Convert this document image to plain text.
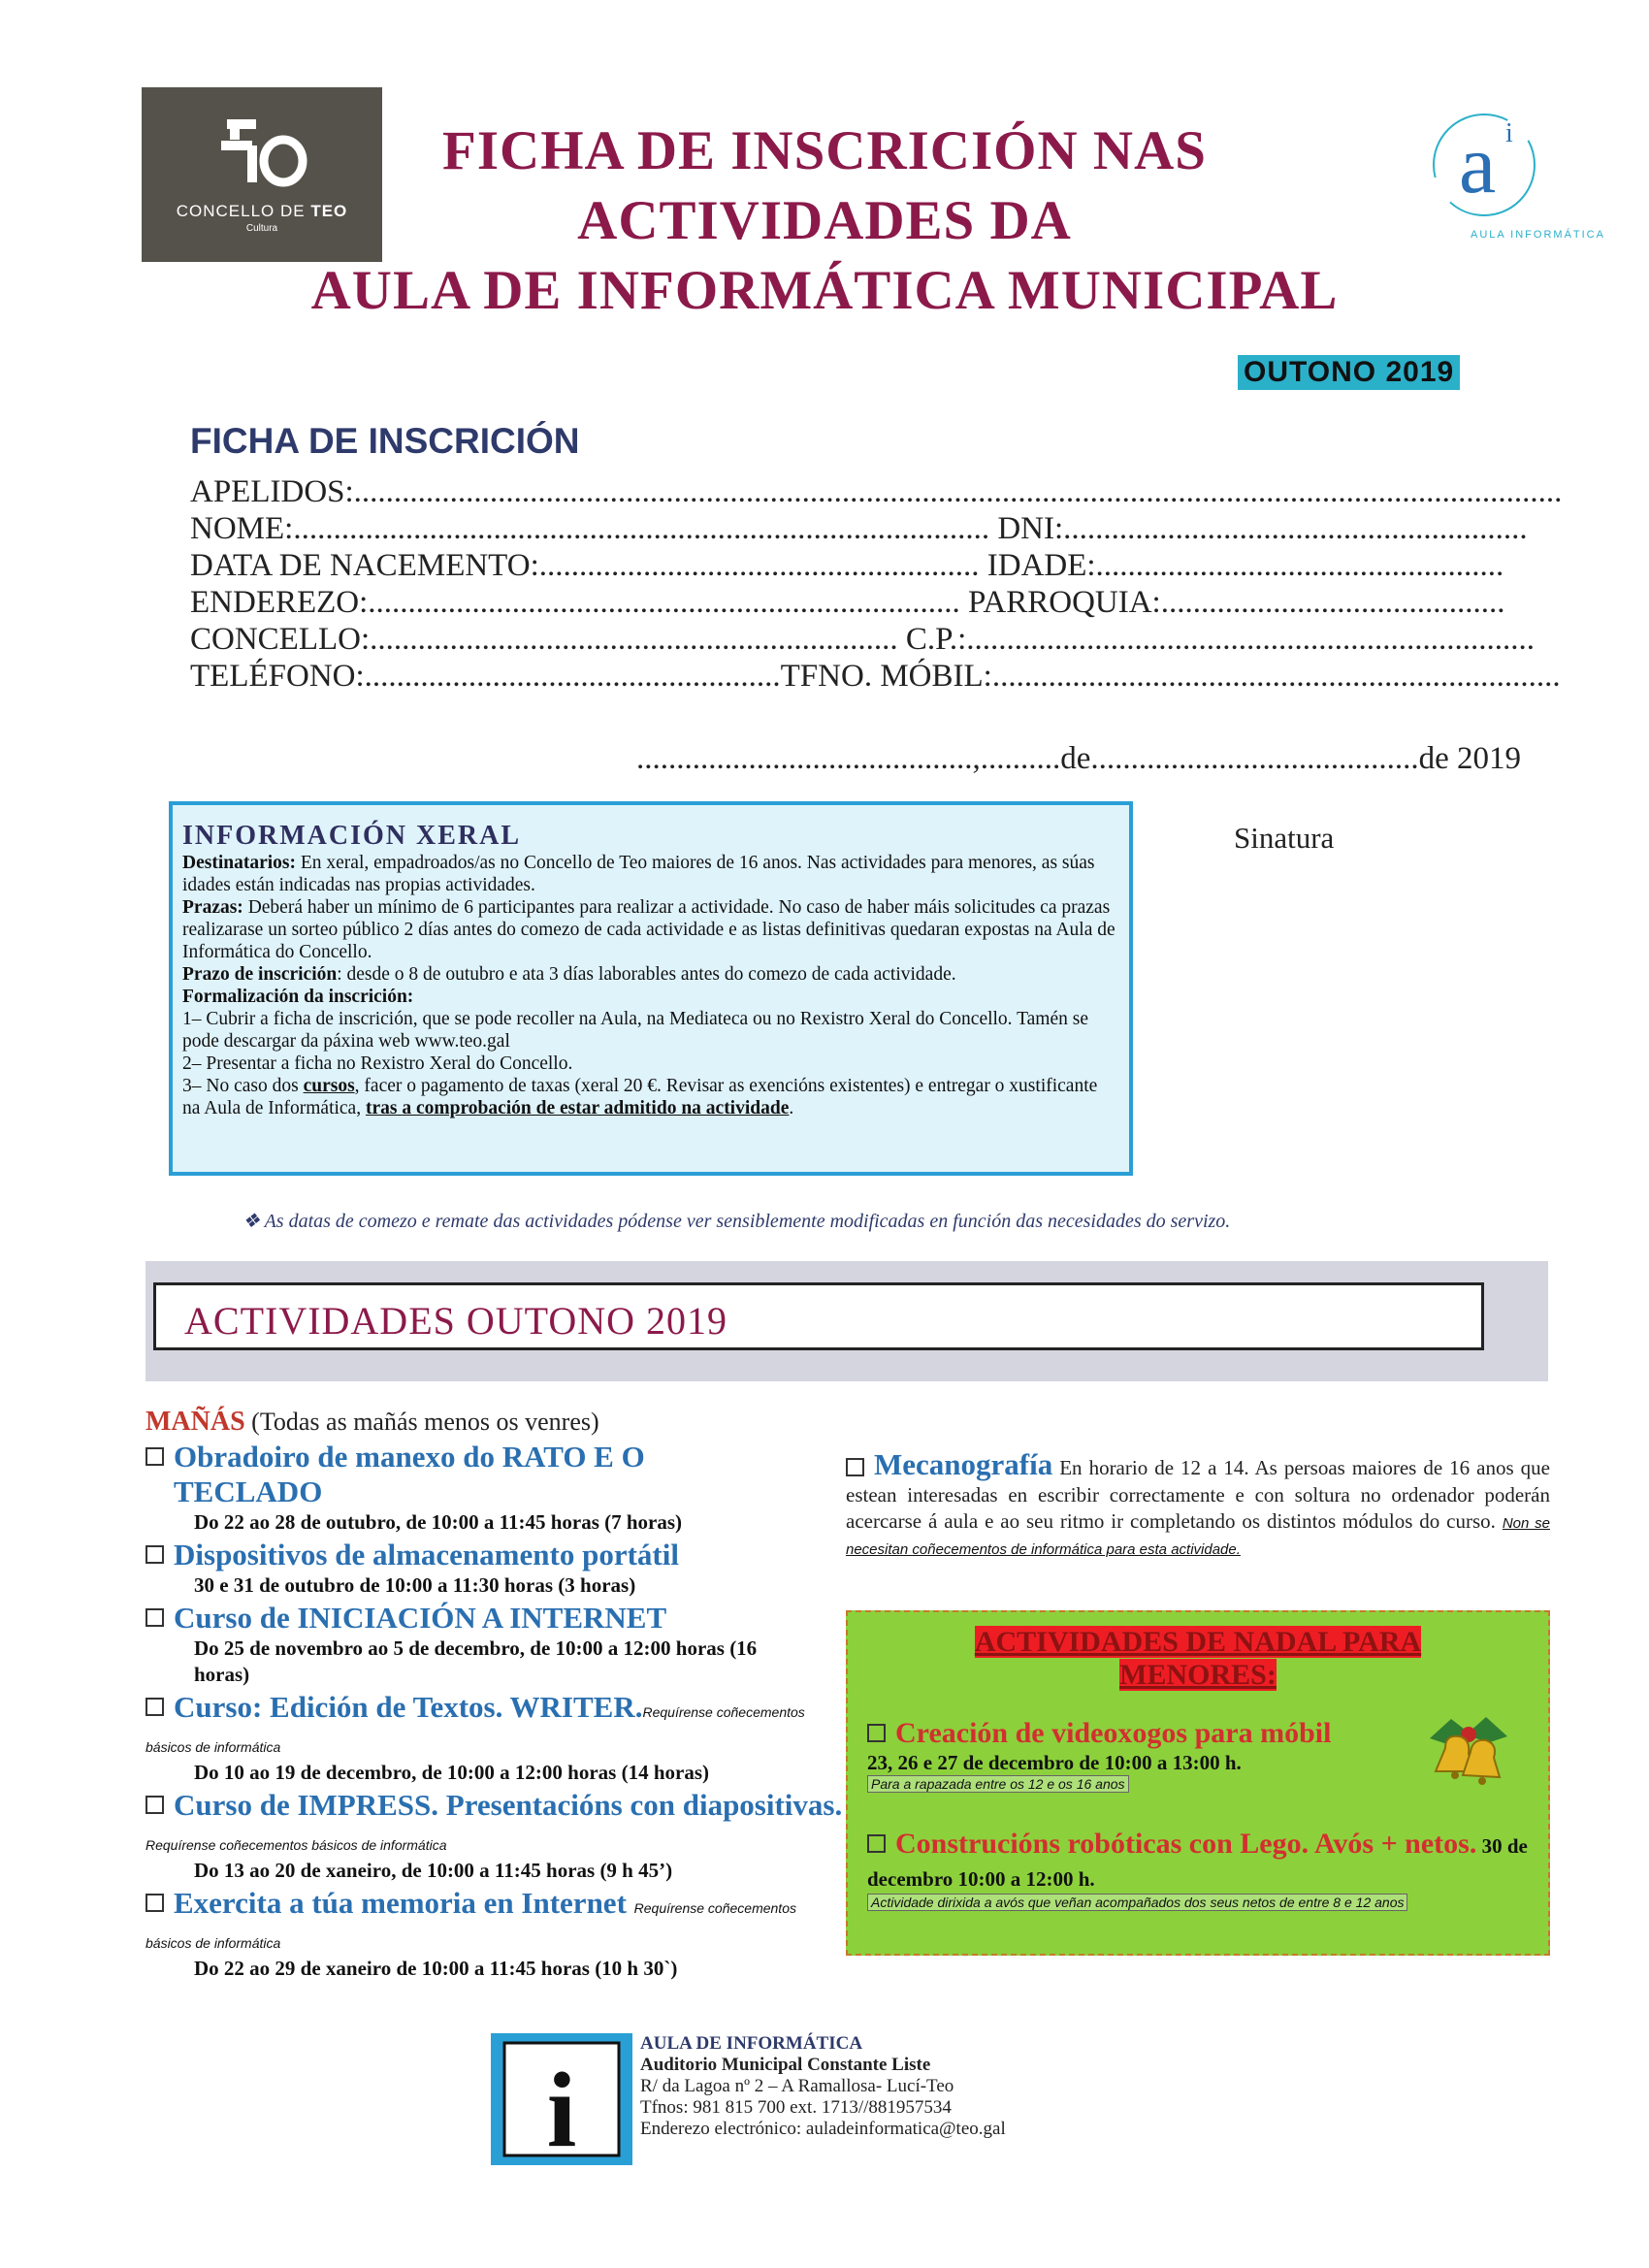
CONCELLO DE TEO
Cultura
FICHA DE INSCRICIÓN NAS
ACTIVIDADES DA
AULA DE INFORMÁTICA MUNICIPAL
a i
AULA INFORMÁTICA
OUTONO 2019
FICHA DE INSCRICIÓN
APELIDOS:.......................................................................................................................................................
NOME:....................................................................................... DNI:..........................................................
DATA DE NACEMENTO:....................................................... IDADE:...................................................
ENDEREZO:.......................................................................... PARROQUIA:...........................................
CONCELLO:.................................................................. C.P.:.......................................................................
TELÉFONO:....................................................TFNO. MÓBIL:.......................................................................
..........................................,..........de.........................................de 2019
Sinatura
INFORMACIÓN XERAL
Destinatarios: En xeral, empadroados/as no Concello de Teo maiores de 16 anos. Nas actividades para menores, as súas idades están indicadas nas propias actividades.
Prazas: Deberá haber un mínimo de 6 participantes para realizar a actividade. No caso de haber máis solicitudes ca prazas realizarase un sorteo público 2 días antes do comezo de cada actividade e as listas definitivas quedaran expostas na Aula de Informática do Concello.
Prazo de inscrición: desde o 8 de outubro e ata 3 días laborables antes do comezo de cada actividade.
Formalización da inscrición:
1– Cubrir a ficha de inscrición, que se pode recoller na Aula, na Mediateca ou no Rexistro Xeral do Concello. Tamén se pode descargar da páxina web www.teo.gal
2– Presentar a ficha no Rexistro Xeral do Concello.
3– No caso dos cursos, facer o pagamento de taxas (xeral 20 €. Revisar as exencións existentes) e entregar o xustificante na Aula de Informática, tras a comprobación de estar admitido na actividade.
❖ As datas de comezo e remate das actividades pódense ver sensiblemente modificadas en función das necesidades do servizo.
ACTIVIDADES OUTONO 2019
MAÑÁS (Todas as mañás menos os venres)
Obradoiro de manexo do RATO E O TECLADO
Do 22 ao 28 de outubro, de 10:00 a 11:45 horas (7 horas)
Dispositivos de almacenamento portátil
30 e 31 de outubro de 10:00 a 11:30 horas (3 horas)
Curso de INICIACIÓN A INTERNET
Do 25 de novembro ao 5 de decembro, de 10:00 a 12:00 horas (16 horas)
Curso: Edición de Textos. WRITER.Requírense coñecementos básicos de informática
Do 10 ao 19 de decembro, de 10:00 a 12:00 horas (14 horas)
Curso de IMPRESS. Presentacións con diapositivas. Requírense coñecementos básicos de informática
Do 13 ao 20 de xaneiro, de 10:00 a 11:45 horas (9 h 45’)
Exercita a túa memoria en Internet Requírense coñecementos básicos de informática
Do 22 ao 29 de xaneiro de 10:00 a 11:45 horas (10 h 30`)
Mecanografía En horario de 12 a 14. As persoas maiores de 16 anos que estean interesadas en escribir correctamente e con soltura no ordenador poderán acercarse á aula e ao seu ritmo ir completando os distintos módulos do curso. Non se necesitan coñecementos de informática para esta actividade.
ACTIVIDADES DE NADAL PARA
MENORES:
Creación de videoxogos para móbil
23, 26 e 27 de decembro de 10:00 a 13:00 h.
Para a rapazada entre os 12 e os 16 anos
Construcións robóticas con Lego. Avós + netos. 30 de decembro 10:00 a 12:00 h.
Actividade dirixida a avós que veñan acompañados dos seus netos de entre 8 e 12 anos
i
AULA DE INFORMÁTICA
Auditorio Municipal Constante Liste
R/ da Lagoa nº 2 – A Ramallosa- Lucí-Teo
Tfnos: 981 815 700 ext. 1713//881957534
Enderezo electrónico: auladeinformatica@teo.gal
